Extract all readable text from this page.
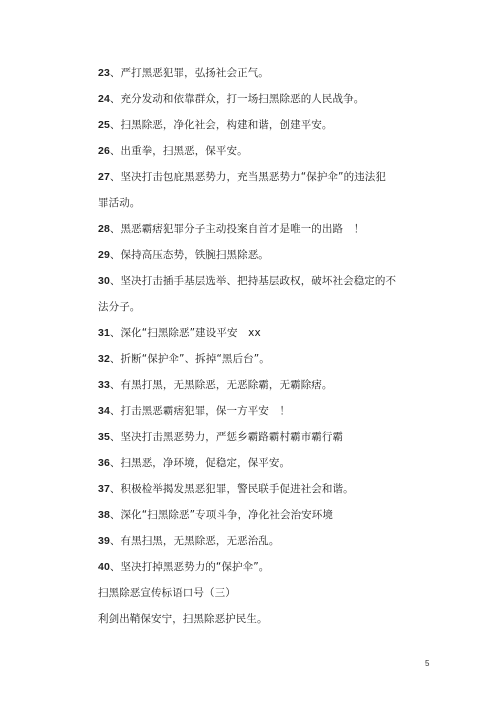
23、严打黑恶犯罪，弘扬社会正气。

24、充分发动和依靠群众，打一场扫黑除恶的人民战争。

25、扫黑除恶，净化社会，构建和谐，创建平安。

26、出重拳，扫黑恶，保平安。

27、坚决打击包庇黑恶势力，充当黑恶势力“保护伞”的违法犯

罪活动。

28、黑恶霸痞犯罪分子主动投案自首才是唯一的出路　！

29、保持高压态势，铁腕扫黑除恶。

30、坚决打击插手基层选举、把持基层政权，破坏社会稳定的不

法分子。

31、深化“扫黑除恶”建设平安　xx

32、折断“保护伞”、拆掉“黑后台”。

33、有黑打黑，无黑除恶，无恶除霸，无霸除痞。

34、打击黑恶霸痞犯罪，保一方平安　！

35、坚决打击黑恶势力，严惩乡霸路霸村霸市霸行霸

36、扫黑恶，净环境，促稳定，保平安。

37、积极检举揭发黑恶犯罪，警民联手促进社会和谐。

38、深化“扫黑除恶”专项斗争，净化社会治安环境

39、有黑扫黑，无黑除恶，无恶治乱。

40、坚决打掉黑恶势力的“保护伞”。

扫黑除恶宣传标语口号（三）

利剑出鞘保安宁，扫黑除恶护民生。

5
